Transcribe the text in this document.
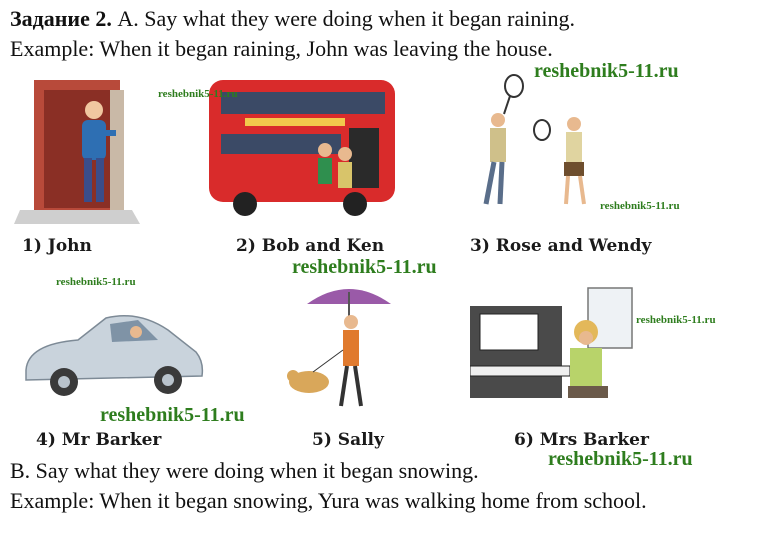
Задание 2. A. Say what they were doing when it began raining.
Example: When it began raining, John was leaving the house.
B. Say what they were doing when it began snowing.
Example: When it began snowing, Yura was walking home from school.
1) John	2) Bob and Ken	3) Rose and Wendy
4) Mr Barker	5) Sally	6) Mrs Barker
reshebnik5-11.ru
reshebnik5-11.ru
reshebnik5-11.ru
reshebnik5-11.ru
reshebnik5-11.ru
reshebnik5-11.ru
reshebnik5-11.ru
reshebnik5-11.ru
